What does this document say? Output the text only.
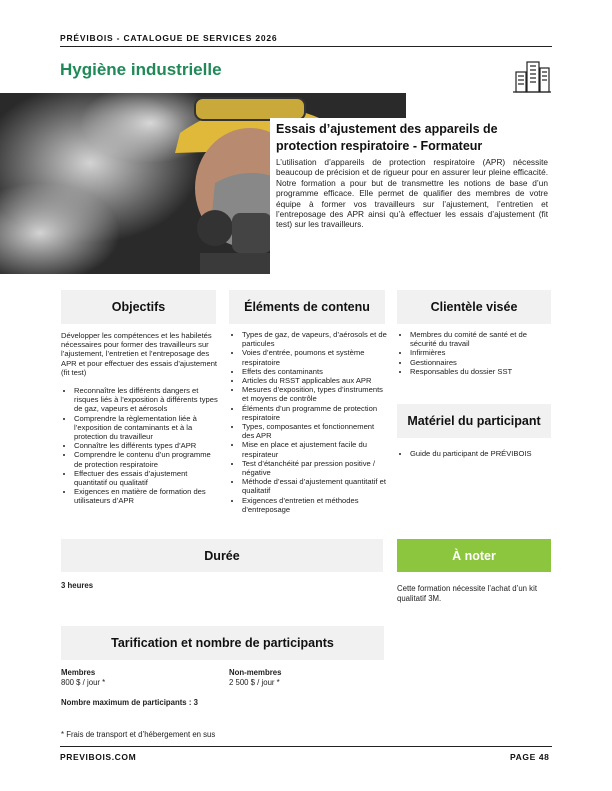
PRÉVIBOIS - CATALOGUE DE SERVICES 2026
Hygiène industrielle
Essais d’ajustement des appareils de protection respiratoire - Formateur
L’utilisation d’appareils de protection respiratoire (APR) nécessite beaucoup de précision et de rigueur pour en assurer leur pleine efficacité. Notre formation a pour but de transmettre les notions de base d’un programme efficace. Elle permet de qualifier des membres de votre équipe à former vos travailleurs sur l’ajustement, l’entretien et l’entreposage des APR ainsi qu’à effectuer les essais d’ajustement (fit test) sur les travailleurs.
Objectifs
Développer les compétences et les habiletés nécessaires pour former des travailleurs sur l’ajustement, l’entretien et l’entreposage des APR et pour effectuer des essais d’ajustement (fit test)
• Reconnaître les différents dangers et risques liés à l’exposition à différents types de gaz, vapeurs et aérosols
• Comprendre la règlementation liée à l’exposition de contaminants et à la protection du travailleur
• Connaître les différents types d’APR
• Comprendre le contenu d’un programme de protection respiratoire
• Effectuer des essais d’ajustement quantitatif ou qualitatif
• Exigences en matière de formation des utilisateurs d’APR
Éléments de contenu
• Types de gaz, de vapeurs, d’aérosols et de particules
• Voies d’entrée, poumons et système respiratoire
• Effets des contaminants
• Articles du RSST applicables aux APR
• Mesures d’exposition, types d’instruments et moyens de contrôle
• Éléments d’un programme de protection respiratoire
• Types, composantes et fonctionnement des APR
• Mise en place et ajustement facile du respirateur
• Test d’étanchéité par pression positive / négative
• Méthode d’essai d’ajustement quantitatif et qualitatif
• Exigences d’entretien et méthodes d’entreposage
Clientèle visée
• Membres du comité de santé et de sécurité du travail
• Infirmières
• Gestionnaires
• Responsables du dossier SST
Matériel du participant
• Guide du participant de PRÉVIBOIS
Durée
3 heures
À noter
Cette formation nécessite l’achat d’un kit qualitatif 3M.
Tarification et nombre de participants
Membres
800 $ / jour *
Non-membres
2 500 $ / jour *
Nombre maximum de participants : 3
* Frais de transport et d’hébergement en sus
PREVIBOIS.COM	PAGE 48
